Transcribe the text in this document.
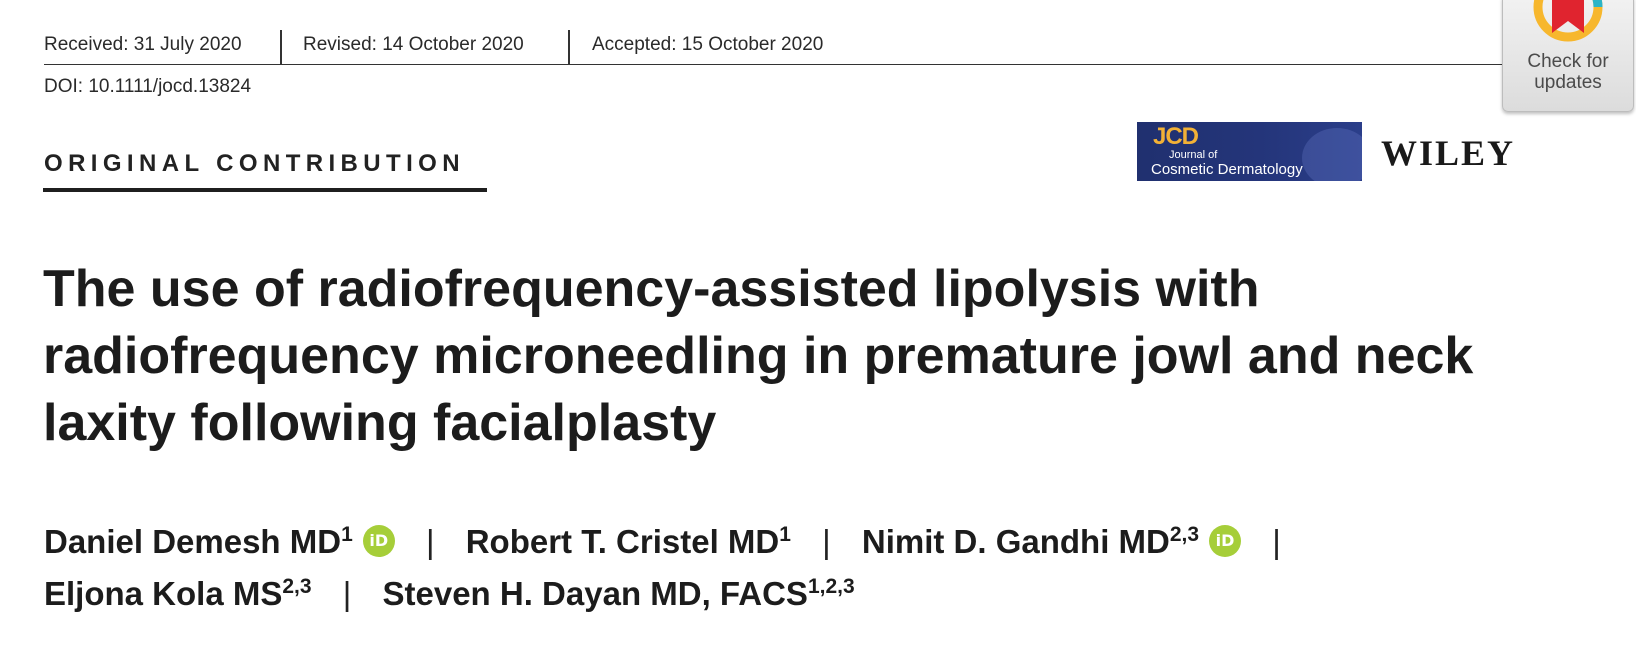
Received: 31 July 2020	Revised: 14 October 2020	Accepted: 15 October 2020
DOI: 10.1111/jocd.13824
ORIGINAL CONTRIBUTION
JCD
Journal of
Cosmetic Dermatology WILEY
Check for
updates
The use of radiofrequency-assisted lipolysis with
radiofrequency microneedling in premature jowl and neck
laxity following facialplasty
Daniel Demesh $MD^1$ iD | Robert T. Cristel $MD^1$ | Nimit D. Gandhi MD$^{2,3}$ iD |
Eljona Kola MS$^{2,3}$ | Steven H. Dayan MD, FACS$^{1,2,3}$
